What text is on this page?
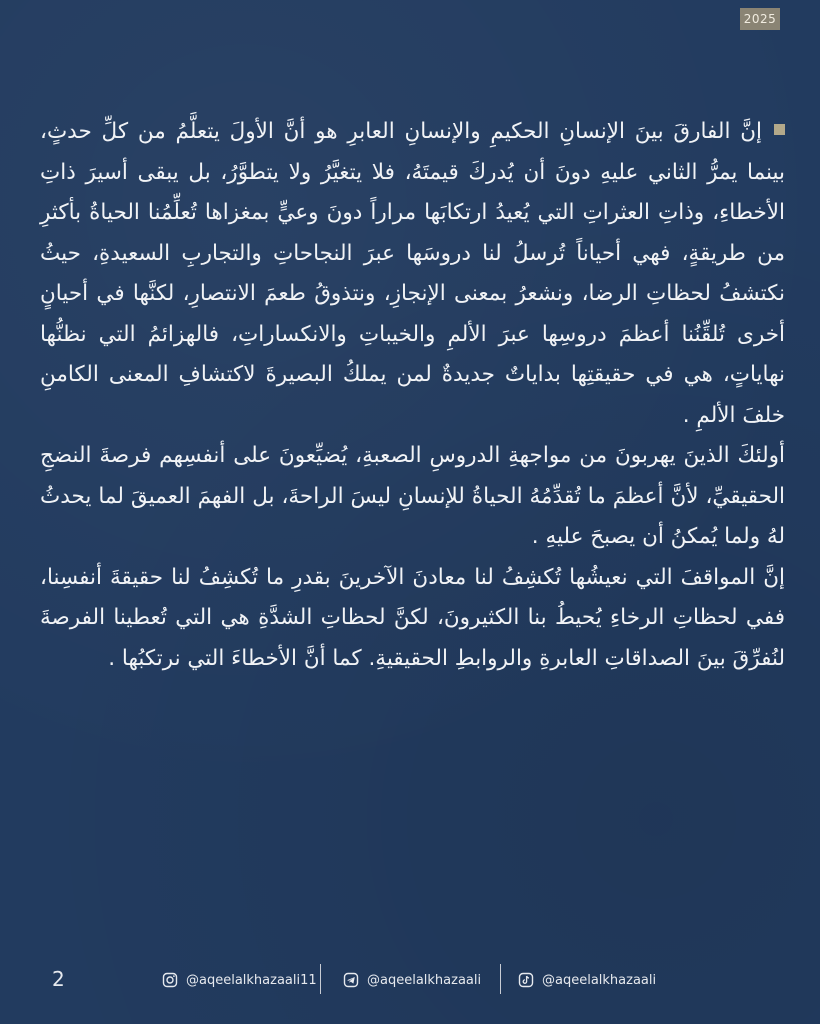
2025

إنَّ الفارقَ بينَ الإنسانِ الحكيمِ والإنسانِ العابرِ هو أنَّ الأولَ يتعلَّمُ من كلِّ حدثٍ، بينما يمرُّ الثاني عليهِ دونَ أن يُدركَ قيمتَهُ، فلا يتغيَّرُ ولا يتطوَّرُ، بل يبقى أسيرَ ذاتِ الأخطاءِ، وذاتِ العثراتِ التي يُعيدُ ارتكابَها مراراً دونَ وعيٍّ بمغزاها تُعلِّمُنا الحياةُ بأكثرِ من طريقةٍ، فهي أحياناً تُرسلُ لنا دروسَها عبرَ النجاحاتِ والتجاربِ السعيدةِ، حيثُ نكتشفُ لحظاتِ الرضا، ونشعرُ بمعنى الإنجازِ، ونتذوقُ طعمَ الانتصارِ، لكنَّها في أحيانٍ أخرى تُلقِّنُنا أعظمَ دروسِها عبرَ الألمِ والخيباتِ والانكساراتِ، فالهزائمُ التي نظنُّها نهاياتٍ، هي في حقيقتِها بداياتٌ جديدةٌ لمن يملكُ البصيرةَ لاكتشافِ المعنى الكامنِ خلفَ الألمِ .

أولئكَ الذينَ يهربونَ من مواجهةِ الدروسِ الصعبةِ، يُضيِّعونَ على أنفسِهم فرصةَ النضجِ الحقيقيِّ، لأنَّ أعظمَ ما تُقدِّمُهُ الحياةُ للإنسانِ ليسَ الراحةَ، بل الفهمَ العميقَ لما يحدثُ لهُ ولما يُمكنُ أن يصبحَ عليهِ .

إنَّ المواقفَ التي نعيشُها تُكشِفُ لنا معادنَ الآخرينَ بقدرِ ما تُكشِفُ لنا حقيقةَ أنفسِنا، ففي لحظاتِ الرخاءِ يُحيطُ بنا الكثيرونَ، لكنَّ لحظاتِ الشدَّةِ هي التي تُعطينا الفرصةَ لنُفرِّقَ بينَ الصداقاتِ العابرةِ والروابطِ الحقيقيةِ. كما أنَّ الأخطاءَ التي نرتكبُها .

2	@aqeelalkhazaali11	@aqeelalkhazaali	@aqeelalkhazaali
